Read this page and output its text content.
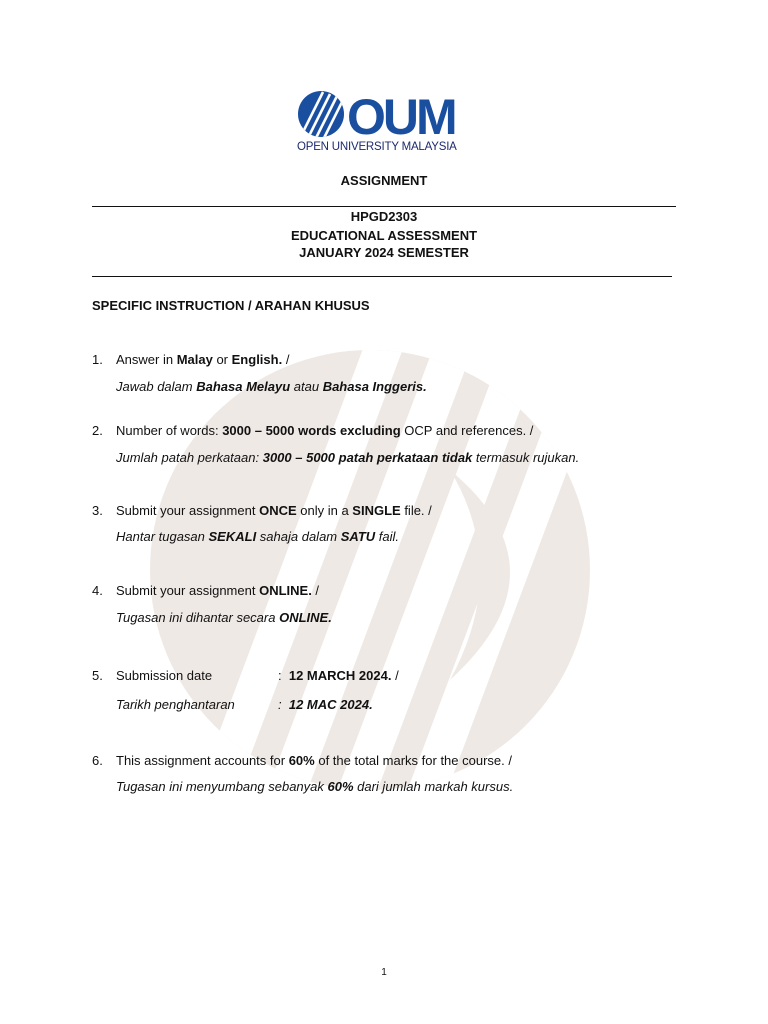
OUM
OPEN UNIVERSITY MALAYSIA
ASSIGNMENT
HPGD2303
EDUCATIONAL ASSESSMENT
JANUARY 2024 SEMESTER
SPECIFIC INSTRUCTION / ARAHAN KHUSUS
1. Answer in Malay or English. /
Jawab dalam Bahasa Melayu atau Bahasa Inggeris.
2. Number of words: 3000 – 5000 words excluding OCP and references. /
Jumlah patah perkataan: 3000 – 5000 patah perkataan tidak termasuk rujukan.
3. Submit your assignment ONCE only in a SINGLE file. /
Hantar tugasan SEKALI sahaja dalam SATU fail.
4. Submit your assignment ONLINE. /
Tugasan ini dihantar secara ONLINE.
5. Submission date	: 12 MARCH 2024. /
Tarikh penghantaran	: 12 MAC 2024.
6. This assignment accounts for 60% of the total marks for the course. /
Tugasan ini menyumbang sebanyak 60% dari jumlah markah kursus.
1
